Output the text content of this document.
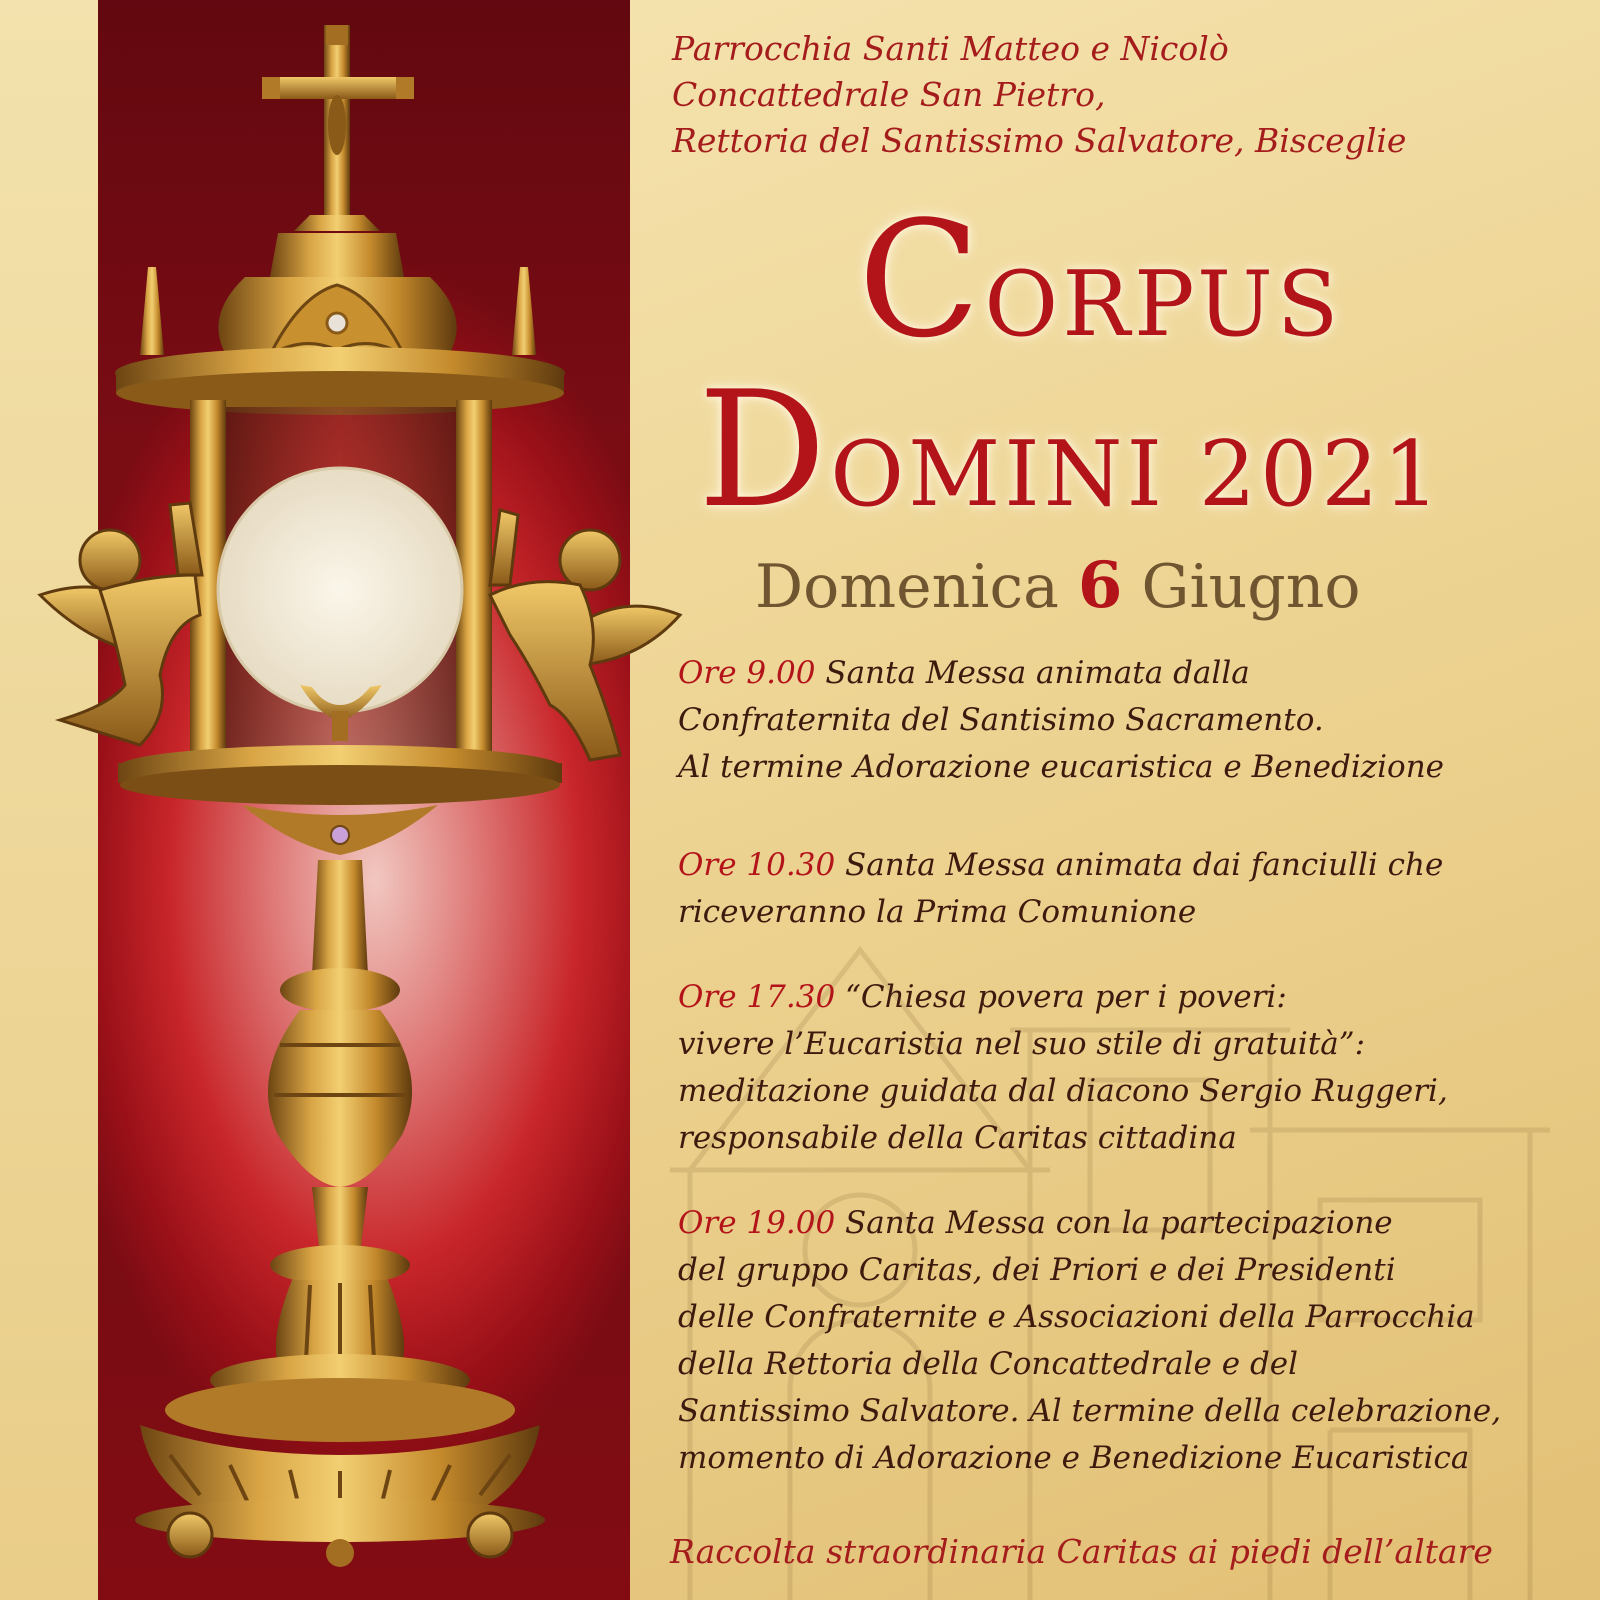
Parrocchia Santi Matteo e Nicolò
Concattedrale San Pietro,
Rettoria del Santissimo Salvatore, Bisceglie
CORPUS
DOMINI 2021
Domenica 6 Giugno
Ore 9.00 Santa Messa animata dalla
Confraternita del Santisimo Sacramento.
Al termine Adorazione eucaristica e Benedizione
Ore 10.30 Santa Messa animata dai fanciulli che
riceveranno la Prima Comunione
Ore 17.30 “Chiesa povera per i poveri:
vivere l’Eucaristia nel suo stile di gratuità”:
meditazione guidata dal diacono Sergio Ruggeri,
responsabile della Caritas cittadina
Ore 19.00 Santa Messa con la partecipazione
del gruppo Caritas, dei Priori e dei Presidenti
delle Confraternite e Associazioni della Parrocchia
della Rettoria della Concattedrale e del
Santissimo Salvatore. Al termine della celebrazione,
momento di Adorazione e Benedizione Eucaristica
Raccolta straordinaria Caritas ai piedi dell’altare
